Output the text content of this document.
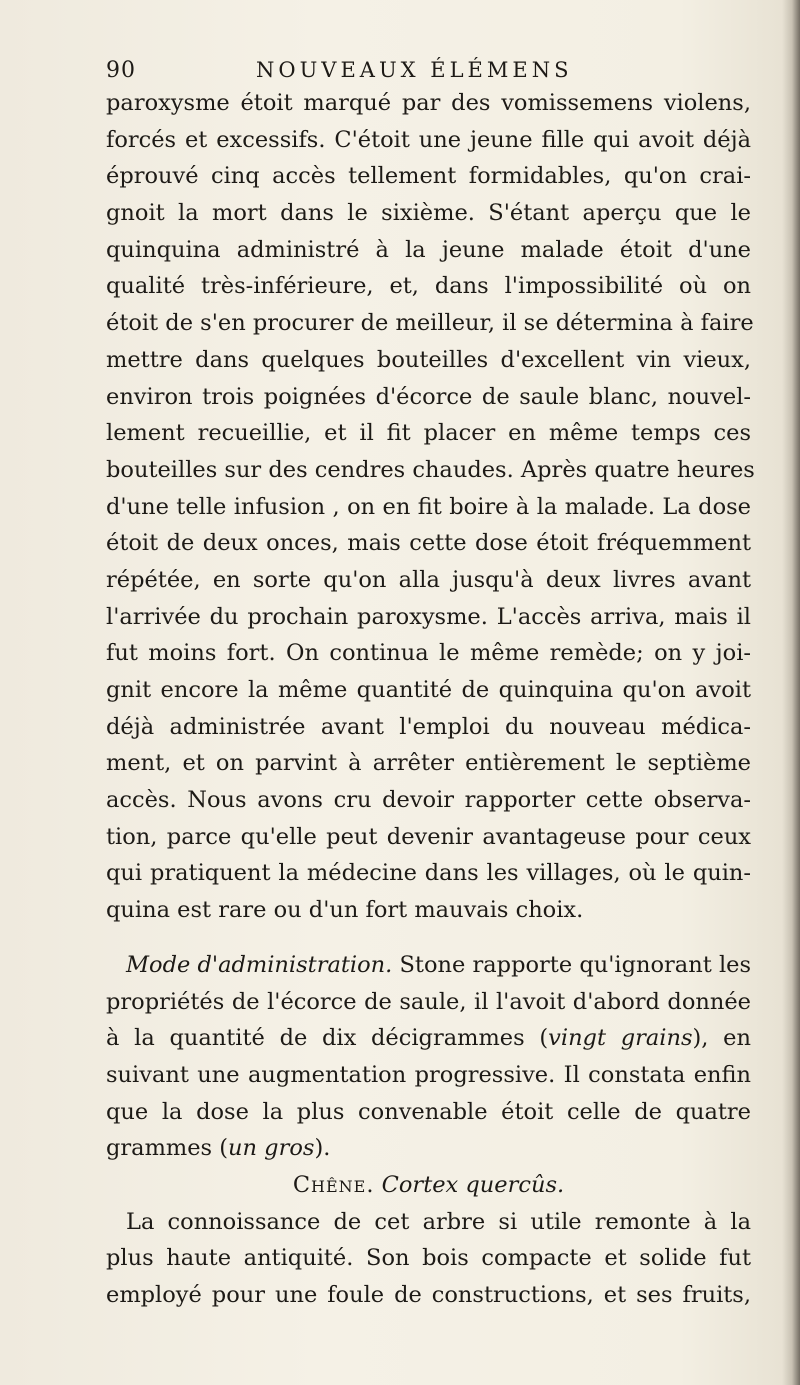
90	NOUVEAUX ÉLÉMENS
paroxysme étoit marqué par des vomissemens violens,
forcés et excessifs. C'étoit une jeune fille qui avoit déjà
éprouvé cinq accès tellement formidables, qu'on crai-
gnoit la mort dans le sixième. S'étant aperçu que le
quinquina administré à la jeune malade étoit d'une
qualité très-inférieure, et, dans l'impossibilité où on
étoit de s'en procurer de meilleur, il se détermina à faire
mettre dans quelques bouteilles d'excellent vin vieux,
environ trois poignées d'écorce de saule blanc, nouvel-
lement recueillie, et il fit placer en même temps ces
bouteilles sur des cendres chaudes. Après quatre heures
d'une telle infusion , on en fit boire à la malade. La dose
étoit de deux onces, mais cette dose étoit fréquemment
répétée, en sorte qu'on alla jusqu'à deux livres avant
l'arrivée du prochain paroxysme. L'accès arriva, mais il
fut moins fort. On continua le même remède; on y joi-
gnit encore la même quantité de quinquina qu'on avoit
déjà administrée avant l'emploi du nouveau médica-
ment, et on parvint à arrêter entièrement le septième
accès. Nous avons cru devoir rapporter cette observa-
tion, parce qu'elle peut devenir avantageuse pour ceux
qui pratiquent la médecine dans les villages, où le quin-
quina est rare ou d'un fort mauvais choix.
Mode d'administration. Stone rapporte qu'ignorant les
propriétés de l'écorce de saule, il l'avoit d'abord donnée
à la quantité de dix décigrammes (vingt grains), en
suivant une augmentation progressive. Il constata enfin
que la dose la plus convenable étoit celle de quatre
grammes (un gros).
Chêne. Cortex quercûs.
La connoissance de cet arbre si utile remonte à la
plus haute antiquité. Son bois compacte et solide fut
employé pour une foule de constructions, et ses fruits,
